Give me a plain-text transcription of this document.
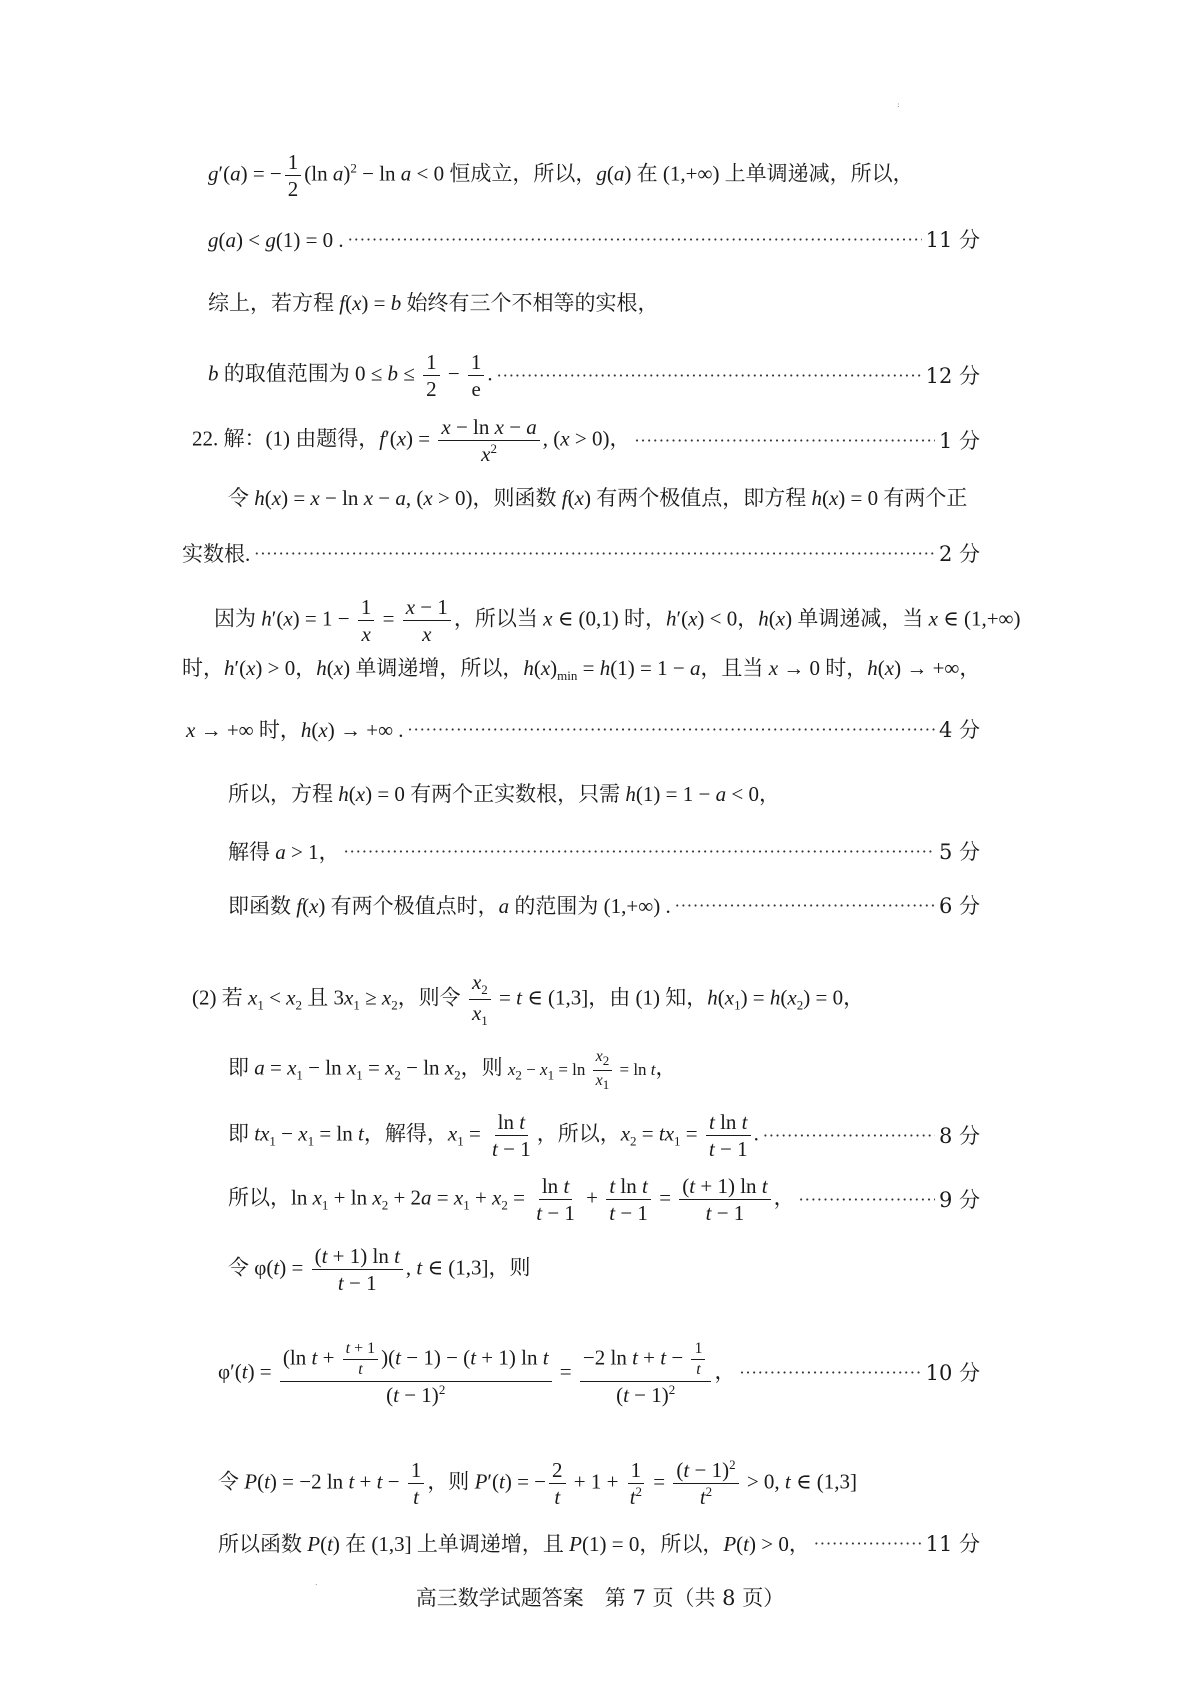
:
.
g′(a) = − $\frac{1}{2} (\ln$ a)$^2$ − ln a < 0 恒成立，所以，g(a) 在 (1,+∞) 上单调递减，所以，
g(a) < g(1) = 0 . ·····	11 分
综上，若方程 f(x) = b 始终有三个不相等的实根，
b 的取值范围为 $0 \le b \le \frac{1}{2} - \frac{1}{e}$ . ·····	12 分
22. 解：(1) 由题得，$f'(x) = \frac{\text{x − ln x − a}}{x^2}$ , (x > 0)， ·····	1 分
令 h(x) = x − ln x − a, (x > 0)，则函数 f(x) 有两个极值点，即方程 h(x) = 0 有两个正
实数根. ·····	2 分
因为 $h'(x) = 1 - \frac{1}{x} = \frac{x - 1}{x}$ ，所以当 x ∈ (0,1) 时，h′(x) < 0，h(x) 单调递减，当 x ∈ (1,+∞)
时，h′(x) > 0，h(x) 单调递增，所以，$h(x)_{min} = h(1) = 1 - a$，且当 x → 0 时，h(x) → +∞，
x → +∞ 时，h(x) → +∞ . ·····	4 分
所以，方程 h(x) = 0 有两个正实数根，只需 h(1) = 1 − a < 0，
解得 a > 1， ·····	5 分
即函数 f(x) 有两个极值点时，a 的范围为 (1,+∞) . ·····	6 分
(2) 若 $x_1 < x_2$ 且 $3x_1 \ge x_2$，则令 $\frac{x_2}{x_1} = t$ ∈ (1,3]，由 (1) 知，$h(x_1) = h(x_2) = 0$，
即 $a = x_1 - \ln x_1 = x_2 - \ln x_2$，则 $x_2 - x_1 = \ln \frac{x_2}{x_1} = \ln t$，
即 $tx_1 - x_1 = \ln t$，解得，$x_1 = \frac{\text{ln t}}{t - 1}$ ，所以，$x_2 = tx_1 = \frac{\text{t ln t}}{t - 1}$ . ·····	8 分
所以，$\ln x_1 + \ln x_2 + 2a = x_1 + x_2 = \frac{\text{ln t}}{t - 1} + \frac{\text{t ln t}}{t - 1} = \frac{\text{(t + 1) ln t}}{t - 1}$ ， ·····	9 分
令 $\varphi(t) = \frac{\text{(t + 1) ln t}}{t - 1}$ , t ∈ (1,3]，则
$\varphi'(t) = \frac{(\ln t + \frac{t + 1}{t} )(t - 1) - (t + 1) \ln t}{(t - 1)^2} = \frac{-2 \ln t + t - \frac{1}{t}}{(t - 1)^2}$ ， ·····	10 分
令 P(t) = −2 $\ln t + t - \frac{1}{t}$ ，则 P′(t) = − $\frac{2}{t} + 1 + \frac{1}{t^2} = \frac{(t - 1)^2}{t^2} > 0$, t ∈ (1,3]
所以函数 P(t) 在 (1,3] 上单调递增，且 P(1) = 0，所以，P(t) > 0， ·····	11 分
高三数学试题答案　第 7 页（共 8 页）
